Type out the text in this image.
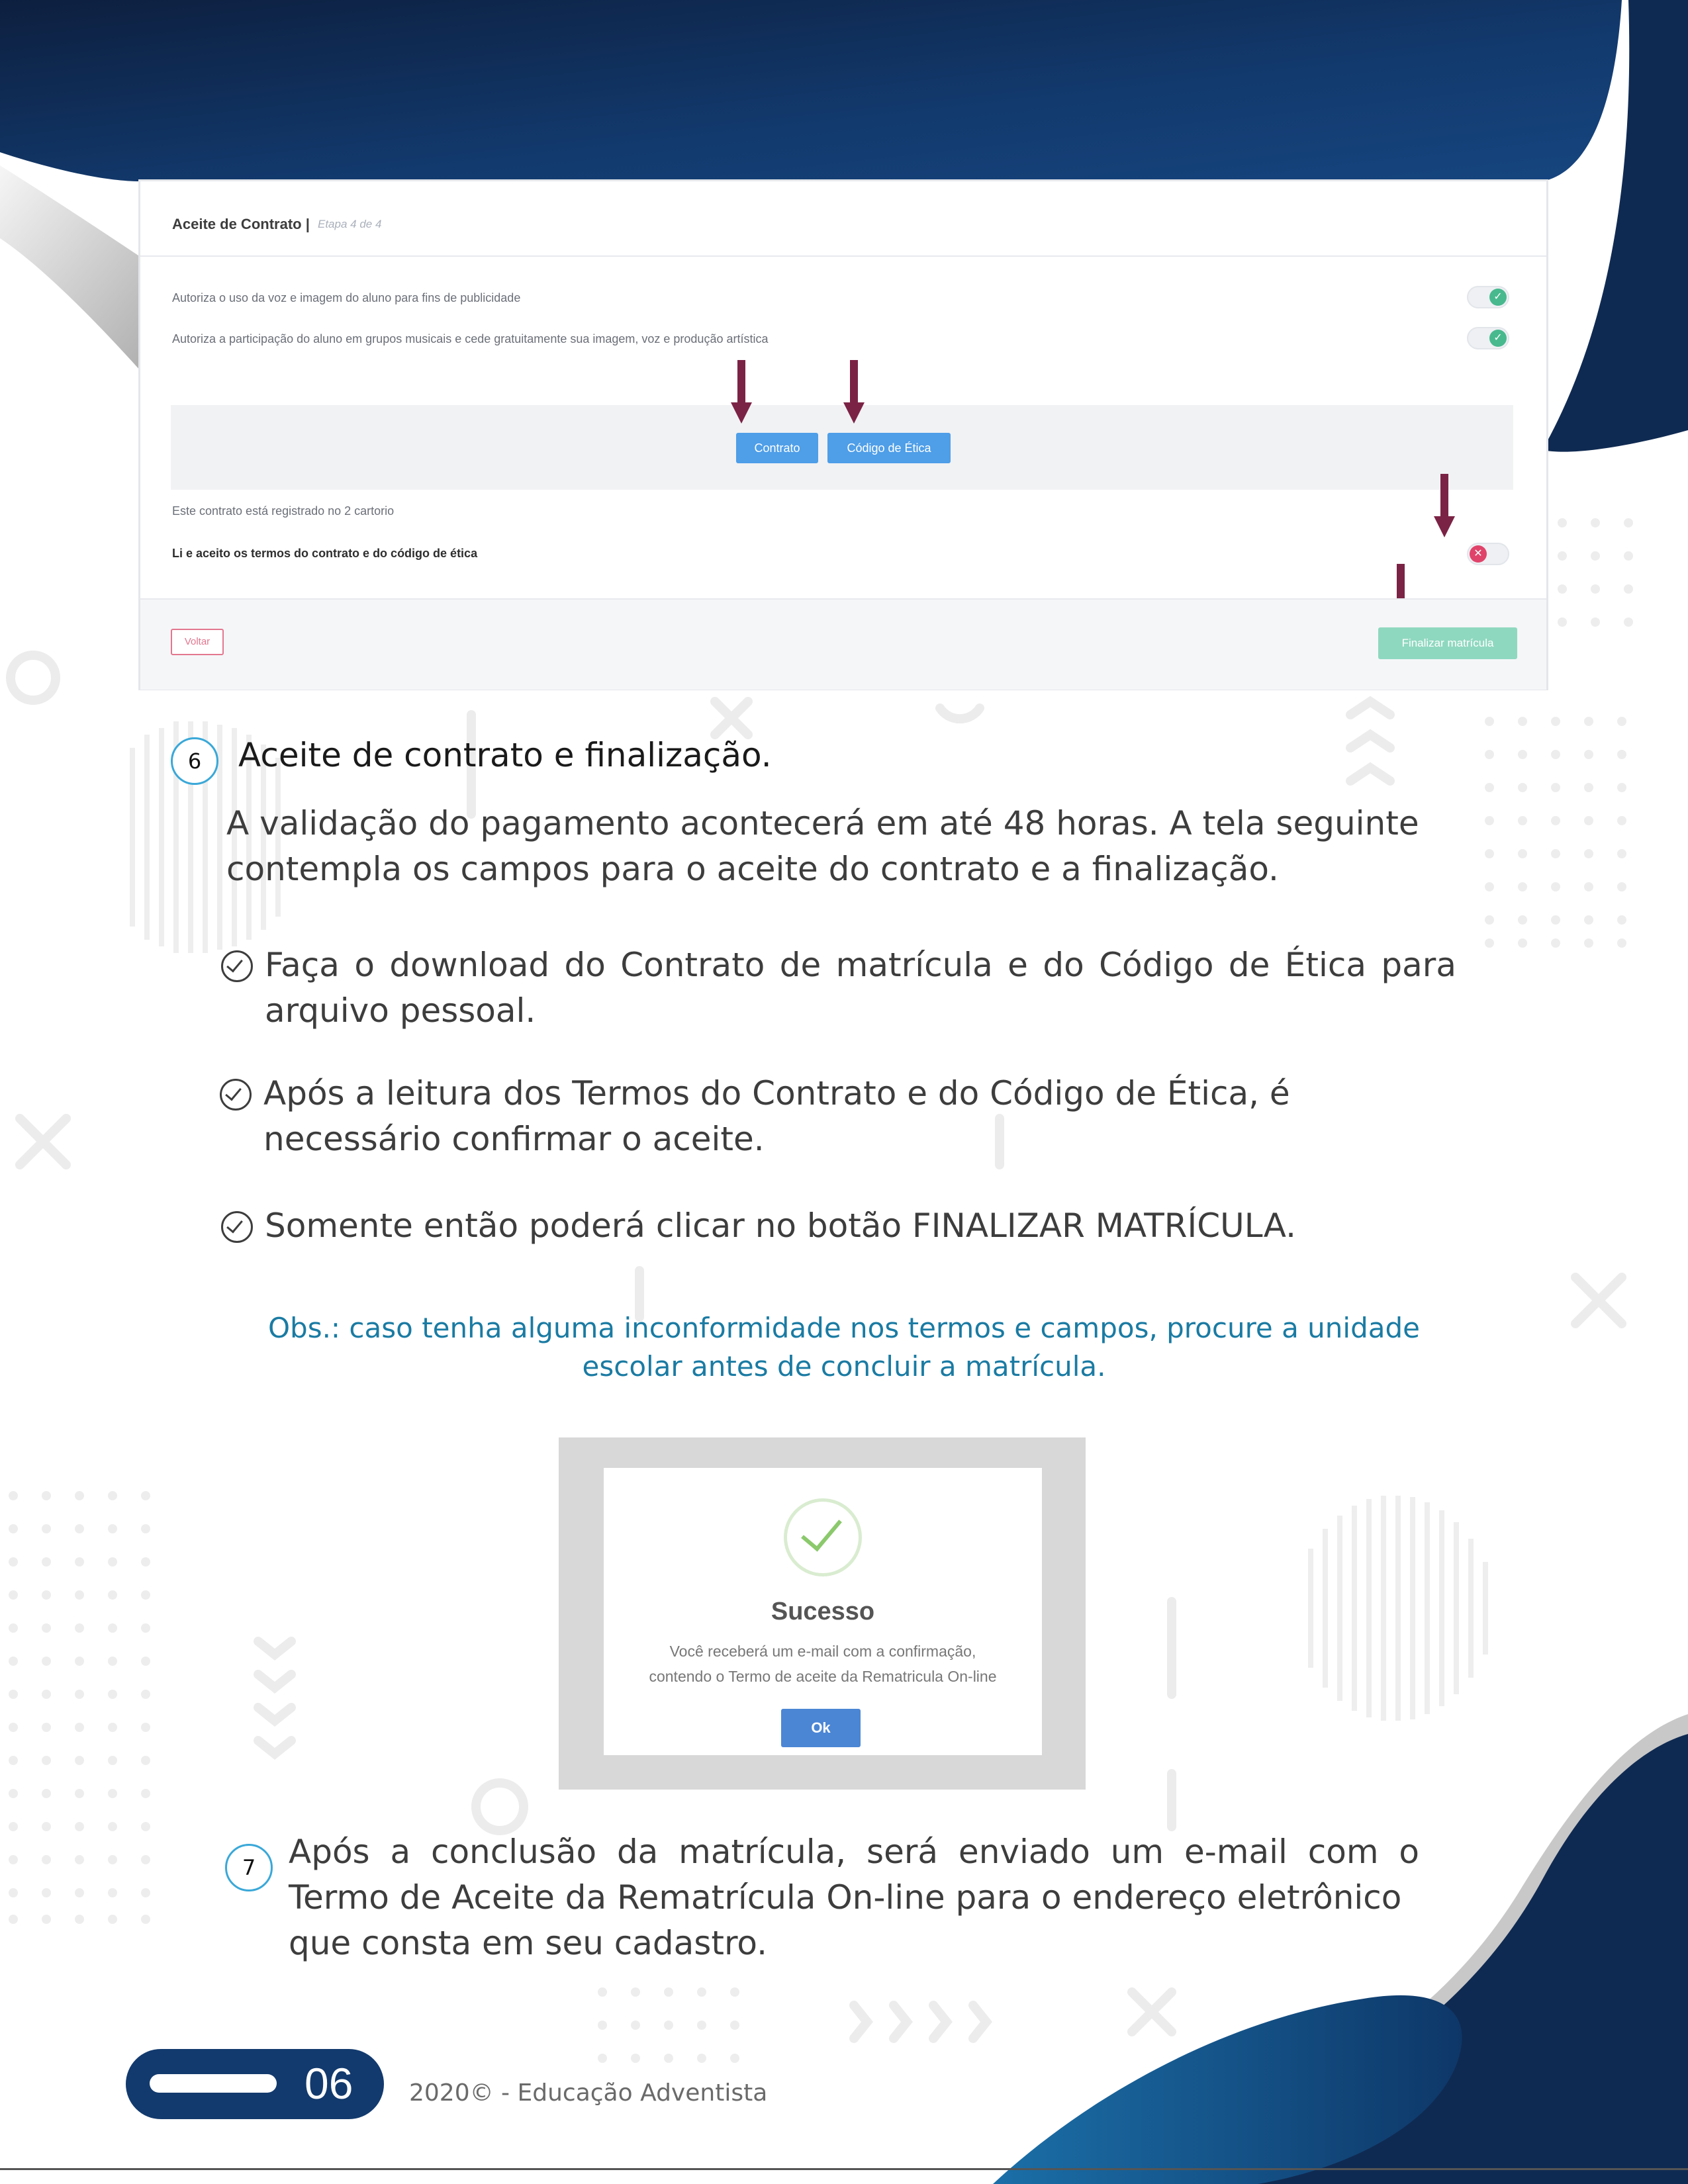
Aceite de Contrato | Etapa 4 de 4
Autoriza o uso da voz e imagem do aluno para fins de publicidade	✓
Autoriza a participação do aluno em grupos musicais e cede gratuitamente sua imagem, voz e produção artística	✓
Contrato	Código de Ética
Este contrato está registrado no 2 cartorio
Li e aceito os termos do contrato e do código de ética	✕
Voltar	Finalizar matrícula
6	Aceite de contrato e finalização.
A validação do pagamento acontecerá em até 48 horas. A tela seguinte
contempla os campos para o aceite do contrato e a finalização.
Faça o download do Contrato de matrícula e do Código de Ética para
arquivo pessoal.
Após a leitura dos Termos do Contrato e do Código de Ética, é
necessário confirmar o aceite.
Somente então poderá clicar no botão FINALIZAR MATRÍCULA.
Obs.: caso tenha alguma inconformidade nos termos e campos, procure a unidade
escolar antes de concluir a matrícula.
Sucesso
Você receberá um e-mail com a confirmação,
contendo o Termo de aceite da Rematricula On-line
Ok
7 Após a conclusão da matrícula, será enviado um e-mail com o
Termo de Aceite da Rematrícula On-line para o endereço eletrônico
que consta em seu cadastro.
06 2020© - Educação Adventista
